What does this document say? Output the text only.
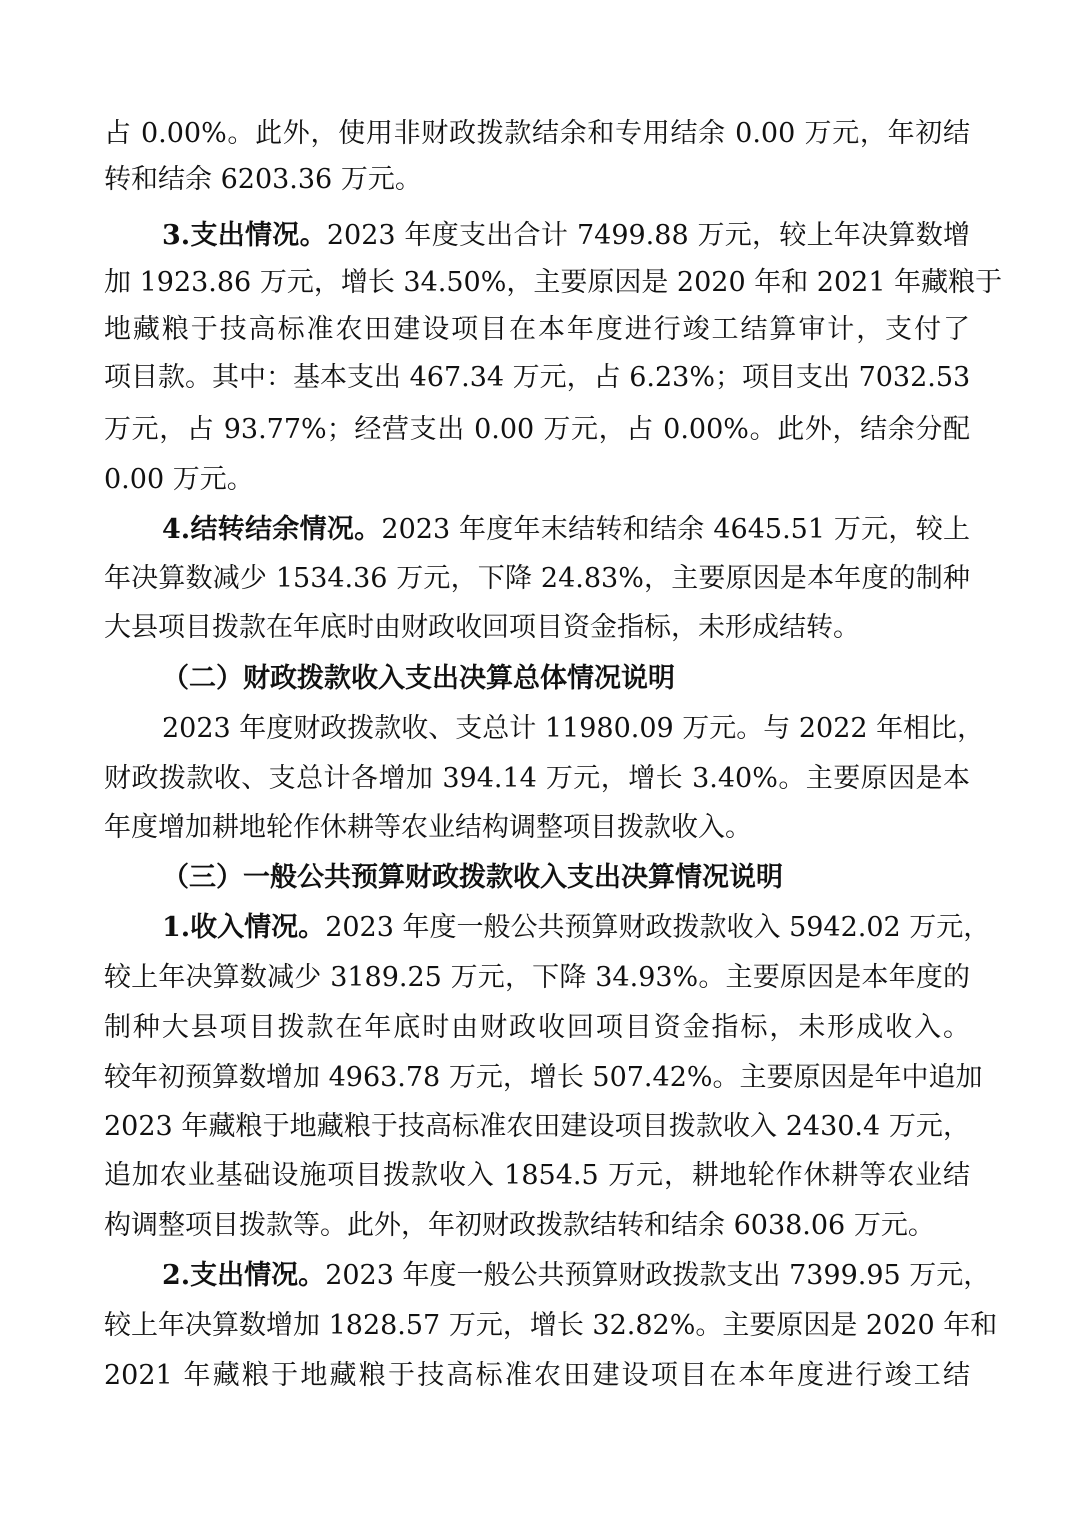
占 0.00%。此外，使用非财政拨款结余和专用结余 0.00 万元，年初结
转和结余 6203.36 万元。
3.支出情况。2023 年度支出合计 7499.88 万元，较上年决算数增
加 1923.86 万元，增长 34.50%，主要原因是 2020 年和 2021 年藏粮于
地藏粮于技高标准农田建设项目在本年度进行竣工结算审计，支付了
项目款。其中：基本支出 467.34 万元，占 6.23%；项目支出 7032.53
万元，占 93.77%；经营支出 0.00 万元，占 0.00%。此外，结余分配
0.00 万元。
4.结转结余情况。2023 年度年末结转和结余 4645.51 万元，较上
年决算数减少 1534.36 万元，下降 24.83%，主要原因是本年度的制种
大县项目拨款在年底时由财政收回项目资金指标，未形成结转。
（二）财政拨款收入支出决算总体情况说明
2023 年度财政拨款收、支总计 11980.09 万元。与 2022 年相比，
财政拨款收、支总计各增加 394.14 万元，增长 3.40%。主要原因是本
年度增加耕地轮作休耕等农业结构调整项目拨款收入。
（三）一般公共预算财政拨款收入支出决算情况说明
1.收入情况。2023 年度一般公共预算财政拨款收入 5942.02 万元，
较上年决算数减少 3189.25 万元，下降 34.93%。主要原因是本年度的
制种大县项目拨款在年底时由财政收回项目资金指标，未形成收入。
较年初预算数增加 4963.78 万元，增长 507.42%。主要原因是年中追加
2023 年藏粮于地藏粮于技高标准农田建设项目拨款收入 2430.4 万元，
追加农业基础设施项目拨款收入 1854.5 万元，耕地轮作休耕等农业结
构调整项目拨款等。此外，年初财政拨款结转和结余 6038.06 万元。
2.支出情况。2023 年度一般公共预算财政拨款支出 7399.95 万元，
较上年决算数增加 1828.57 万元，增长 32.82%。主要原因是 2020 年和
2021 年藏粮于地藏粮于技高标准农田建设项目在本年度进行竣工结
